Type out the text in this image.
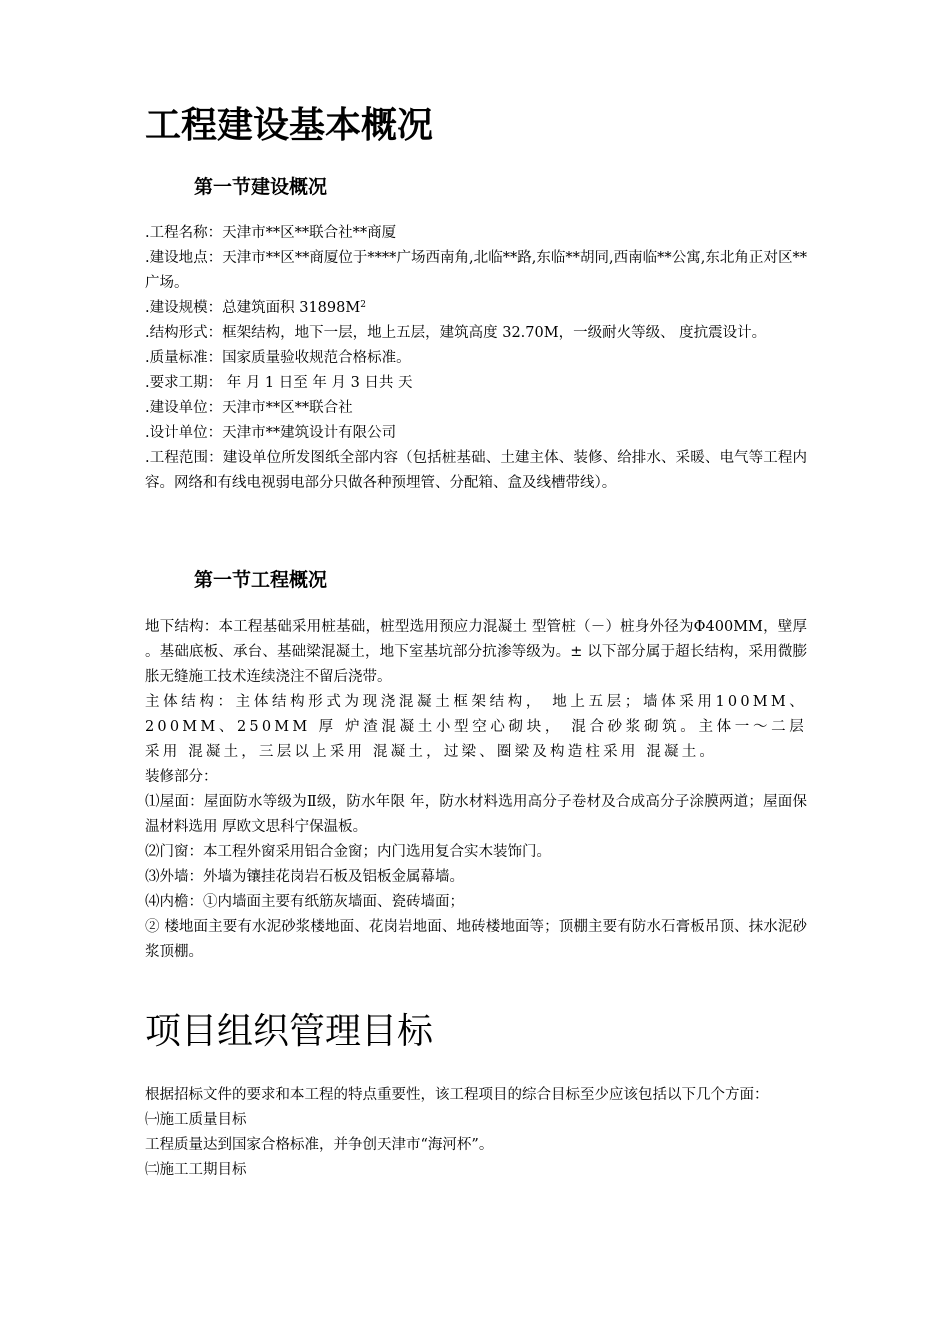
工程建设基本概况
第一节建设概况

.工程名称：天津市**区**联合社**商厦

.建设地点：天津市**区**商厦位于****广场西南角,北临**路,东临**胡同,西南临**公寓,东北角正对区**广场。

.建设规模：总建筑面积 $31898M^2$

.结构形式：框架结构，地下一层，地上五层，建筑高度 32.70M，一级耐火等级、 度抗震设计。

.质量标准：国家质量验收规范合格标准。

.要求工期： 年 月 1 日至 年 月 3 日共 天

.建设单位：天津市**区**联合社

.设计单位：天津市**建筑设计有限公司

.工程范围：建设单位所发图纸全部内容（包括桩基础、土建主体、装修、给排水、采暖、电气等工程内容。网络和有线电视弱电部分只做各种预埋管、分配箱、盒及线槽带线）。

第一节工程概况

地下结构：本工程基础采用桩基础，桩型选用预应力混凝土 型管桩（－）桩身外径为Φ400MM，壁厚 。基础底板、承台、基础梁混凝土，地下室基坑部分抗渗等级为。± 以下部分属于超长结构，采用微膨胀无缝施工技术连续浇注不留后浇带。

主体结构：主体结构形式为现浇混凝土框架结构， 地上五层；墙体采用100MM、200MM、250MM 厚 炉渣混凝土小型空心砌块， 混合砂浆砌筑。主体一～二层采用 混凝土，三层以上采用 混凝土，过梁、圈梁及构造柱采用 混凝土。

装修部分：

⑴屋面：屋面防水等级为Ⅱ级，防水年限 年，防水材料选用高分子卷材及合成高分子涂膜两道；屋面保温材料选用 厚欧文思科宁保温板。

⑵门窗：本工程外窗采用铝合金窗；内门选用复合实木装饰门。

⑶外墙：外墙为镶挂花岗岩石板及铝板金属幕墙。

⑷内檐：①内墙面主要有纸筋灰墙面、瓷砖墙面；

② 楼地面主要有水泥砂浆楼地面、花岗岩地面、地砖楼地面等；顶棚主要有防水石膏板吊顶、抹水泥砂浆顶棚。

项目组织管理目标

根据招标文件的要求和本工程的特点重要性，该工程项目的综合目标至少应该包括以下几个方面：

㈠施工质量目标

工程质量达到国家合格标准，并争创天津市“海河杯”。

㈡施工工期目标
